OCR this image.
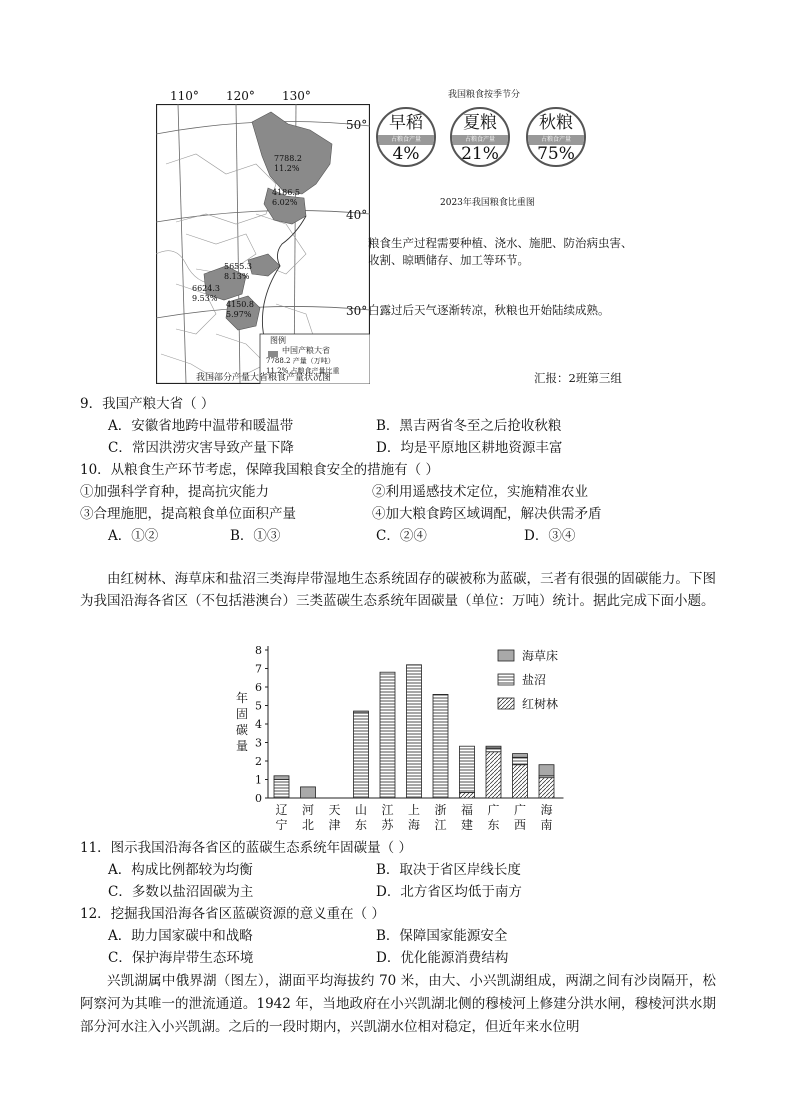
110° 120° 130°
7788.2
11.2%
4186.5
6.02%
5655.3
8.13%
6624.3
9.53%
4150.8
5.97%
图例
中国产粮大省
7788.2 产量（万吨）
11.2% 占粮食产量比重
50°
40°
30°
我国部分产量大省粮食产量状况图
我国粮食按季节分
早稻
占粮食产量
4%
夏粮
占粮食产量
21%
秋粮
占粮食产量
75%
2023年我国粮食比重图
粮食生产过程需要种植、浇水、施肥、防治病虫害、
收割、晾晒储存、加工等环节。
白露过后天气逐渐转凉，秋粮也开始陆续成熟。
汇报：2班第三组
9．我国产粮大省（ ）
A．安徽省地跨中温带和暖温带	B．黑吉两省冬至之后抢收秋粮
C．常因洪涝灾害导致产量下降	D．均是平原地区耕地资源丰富
10．从粮食生产环节考虑，保障我国粮食安全的措施有（ ）
①加强科学育种，提高抗灾能力	②利用遥感技术定位，实施精准农业
③合理施肥，提高粮食单位面积产量	④加大粮食跨区域调配，解决供需矛盾
A．①②	B．①③	C．②④	D．③④
由红树林、海草床和盐沼三类海岸带湿地生态系统固存的碳被称为蓝碳，三者有很强的固碳能力。下图为我国沿海各省区（不包括港澳台）三类蓝碳生态系统年固碳量（单位：万吨）统计。据此完成下面小题。
年固碳量
0
1
2
3
4
5
6
7
8
辽
宁
河
北
天
津
山
东
江
苏
上
海
浙
江
福
建
广
东
广
西
海
南
海草床
盐沼
红树林
11．图示我国沿海各省区的蓝碳生态系统年固碳量（ ）
A．构成比例都较为均衡	B．取决于省区岸线长度
C．多数以盐沼固碳为主	D．北方省区均低于南方
12．挖掘我国沿海各省区蓝碳资源的意义重在（ ）
A．助力国家碳中和战略	B．保障国家能源安全
C．保护海岸带生态环境	D．优化能源消费结构
兴凯湖属中俄界湖（图左），湖面平均海拔约 70 米，由大、小兴凯湖组成，两湖之间有沙岗隔开，松阿察河为其唯一的泄流通道。1942 年，当地政府在小兴凯湖北侧的穆棱河上修建分洪水闸，穆棱河洪水期部分河水注入小兴凯湖。之后的一段时期内，兴凯湖水位相对稳定，但近年来水位明
